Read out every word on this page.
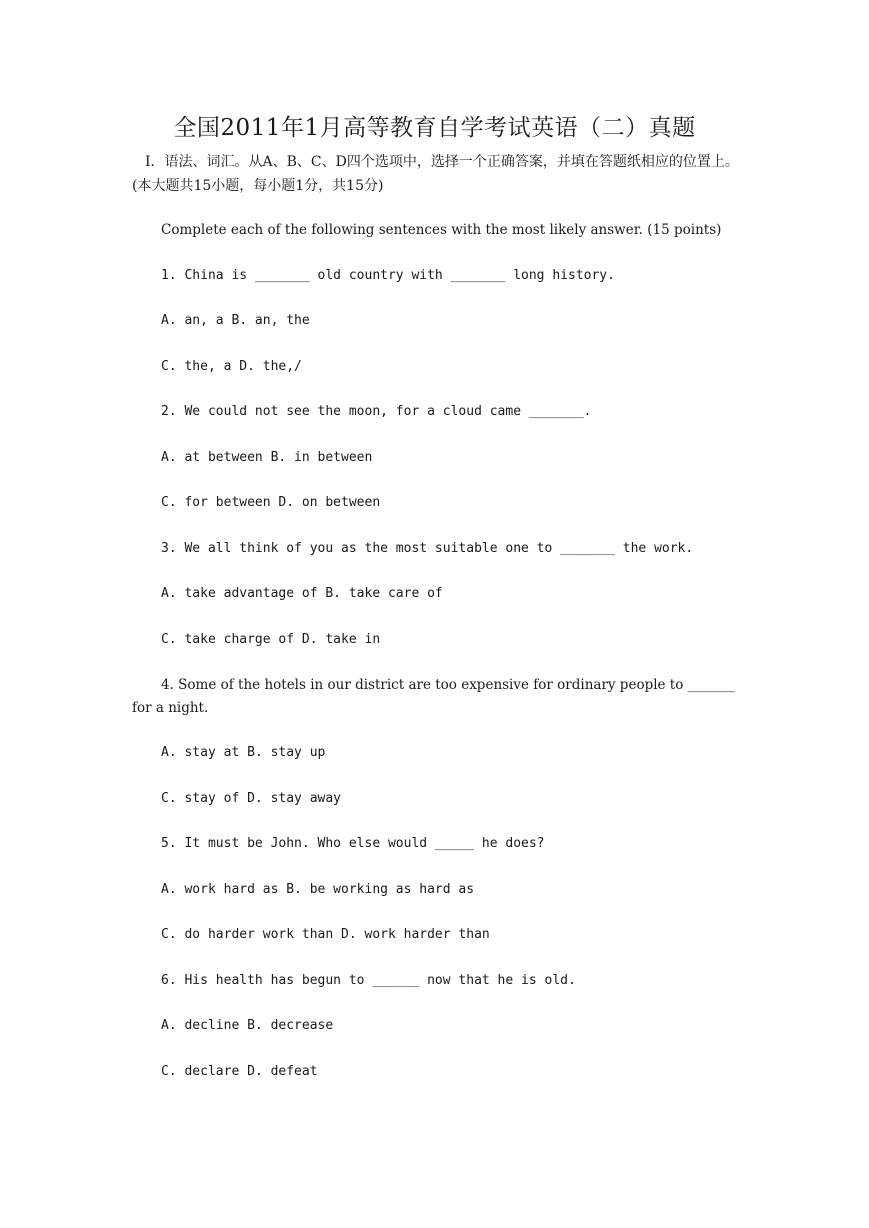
全国2011年1月高等教育自学考试英语（二）真题
I．语法、词汇。从A、B、C、D四个选项中，选择一个正确答案，并填在答题纸相应的位置上。(本大题共15小题，每小题1分，共15分)
Complete each of the following sentences with the most likely answer. (15 points)
1. China is _______ old country with _______ long history.
A. an, a B. an, the
C. the, a D. the,/
2. We could not see the moon, for a cloud came _______.
A. at between B. in between
C. for between D. on between
3. We all think of you as the most suitable one to _______ the work.
A. take advantage of B. take care of
C. take charge of D. take in
4. Some of the hotels in our district are too expensive for ordinary people to _______ for a night.
A. stay at B. stay up
C. stay of D. stay away
5. It must be John. Who else would _____ he does?
A. work hard as B. be working as hard as
C. do harder work than D. work harder than
6. His health has begun to ______ now that he is old.
A. decline B. decrease
C. declare D. defeat
